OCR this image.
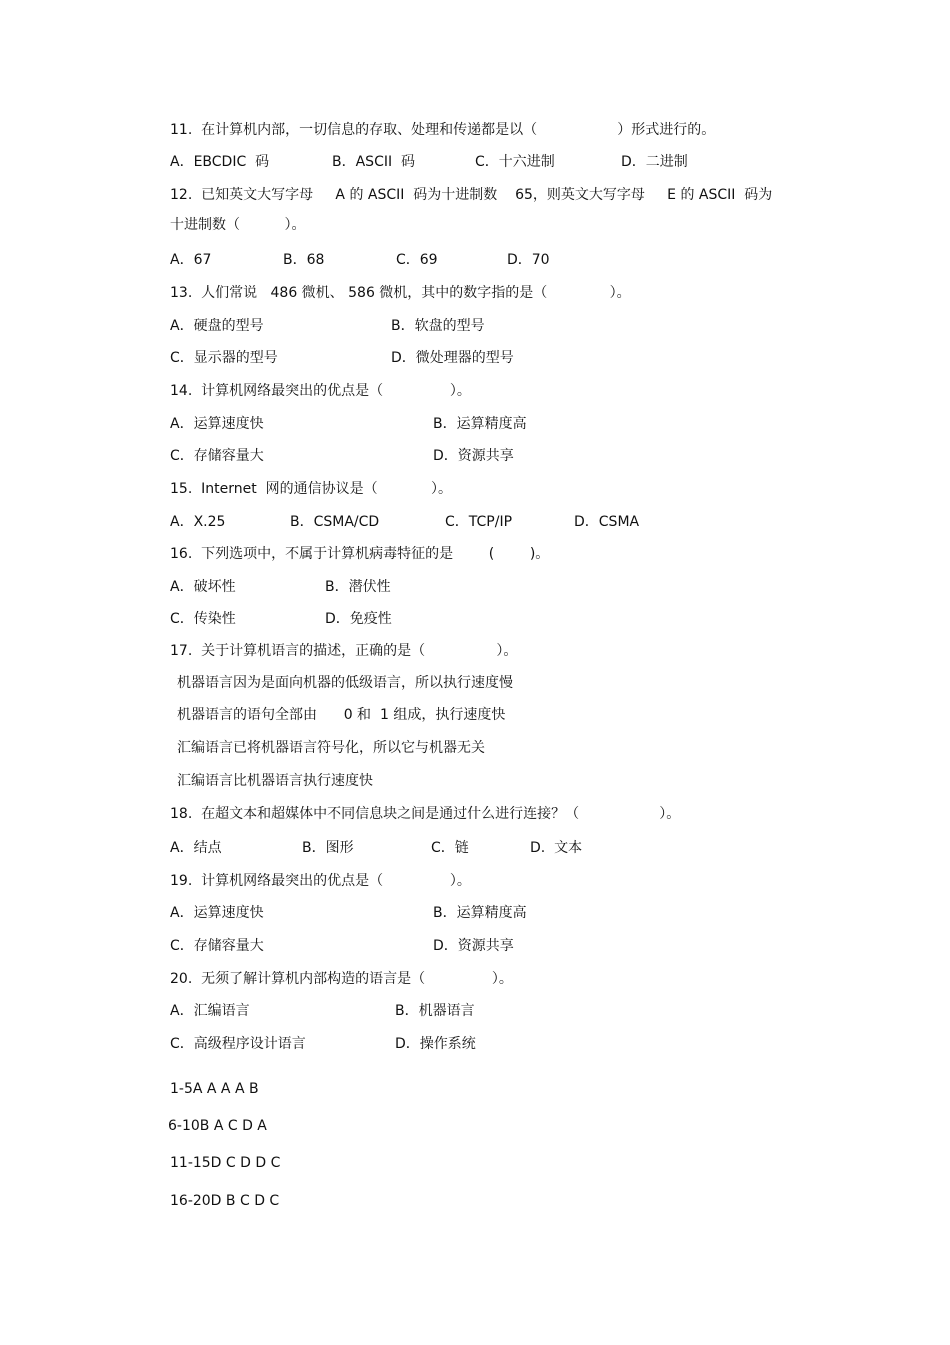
11.  在计算机内部，一切信息的存取、处理和传递都是以（                  ）形式进行的。
A．EBCDIC  码	B．ASCII  码	C．十六进制	D．二进制
12.  已知英文大写字母     A 的 ASCII  码为十进制数    65，则英文大写字母     E 的 ASCII  码为
十进制数（          ）。
A．67	B．68	C．69	D．70
13.  人们常说   486 微机、 586 微机，其中的数字指的是（              ）。
A．硬盘的型号	B．软盘的型号
C．显示器的型号	D．微处理器的型号
14.  计算机网络最突出的优点是（               ）。
A．运算速度快	B．运算精度高
C．存储容量大	D．资源共享
15.  Internet  网的通信协议是（            ）。
A．X.25	B．CSMA/CD	C．TCP/IP	D．CSMA
16.  下列选项中，不属于计算机病毒特征的是        (        )。
A．破坏性	B．潜伏性
C．传染性	D．免疫性
17.  关于计算机语言的描述，正确的是（                ）。
机器语言因为是面向机器的低级语言，所以执行速度慢
机器语言的语句全部由      0 和  1 组成，执行速度快
汇编语言已将机器语言符号化，所以它与机器无关
汇编语言比机器语言执行速度快
18.  在超文本和超媒体中不同信息块之间是通过什么进行连接？（                  ）。
A．结点	B．图形	C．链	D.  文本
19.  计算机网络最突出的优点是（               ）。
A．运算速度快	B．运算精度高
C．存储容量大	D．资源共享
20.  无须了解计算机内部构造的语言是（               ）。
A．汇编语言	B．机器语言
C．高级程序设计语言	D．操作系统
1-5A A A A B
6-10B A C D A
11-15D C D D C
16-20D B C D C
